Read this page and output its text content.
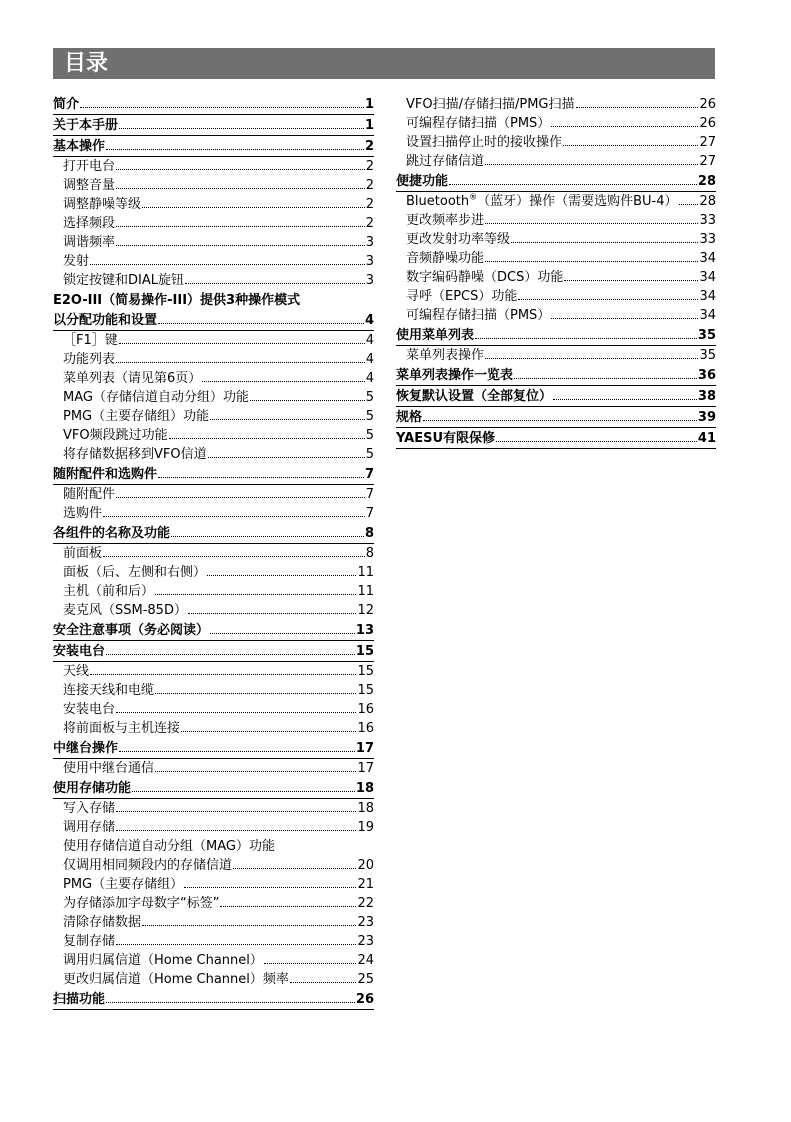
目录
简介	1
关于本手册	1
基本操作	2
打开电台	2
调整音量	2
调整静噪等级	2
选择频段	2
调谐频率	3
发射	3
锁定按键和DIAL旋钮	3
E2O-III（简易操作-III）提供3种操作模式
以分配功能和设置	4
［F1］键	4
功能列表	4
菜单列表（请见第6页）	4
MAG（存储信道自动分组）功能	5
PMG（主要存储组）功能	5
VFO频段跳过功能	5
将存储数据移到VFO信道	5
随附配件和选购件	7
随附配件	7
选购件	7
各组件的名称及功能	8
前面板	8
面板（后、左侧和右侧）	11
主机（前和后）	11
麦克风（SSM-85D）	12
安全注意事项（务必阅读）	13
安装电台	15
天线	15
连接天线和电缆	15
安装电台	16
将前面板与主机连接	16
中继台操作	17
使用中继台通信	17
使用存储功能	18
写入存储	18
调用存储	19
使用存储信道自动分组（MAG）功能
仅调用相同频段内的存储信道	20
PMG（主要存储组）	21
为存储添加字母数字“标签”	22
清除存储数据	23
复制存储	23
调用归属信道（Home Channel）	24
更改归属信道（Home Channel）频率	25
扫描功能	26
VFO扫描/存储扫描/PMG扫描	26
可编程存储扫描（PMS）	26
设置扫描停止时的接收操作	27
跳过存储信道	27
便捷功能	28
Bluetooth®（蓝牙）操作（需要选购件BU-4） 28
更改频率步进	33
更改发射功率等级	33
音频静噪功能	34
数字编码静噪（DCS）功能	34
寻呼（EPCS）功能	34
可编程存储扫描（PMS）	34
使用菜单列表	35
菜单列表操作	35
菜单列表操作一览表	36
恢复默认设置（全部复位）	38
规格	39
YAESU有限保修	41
